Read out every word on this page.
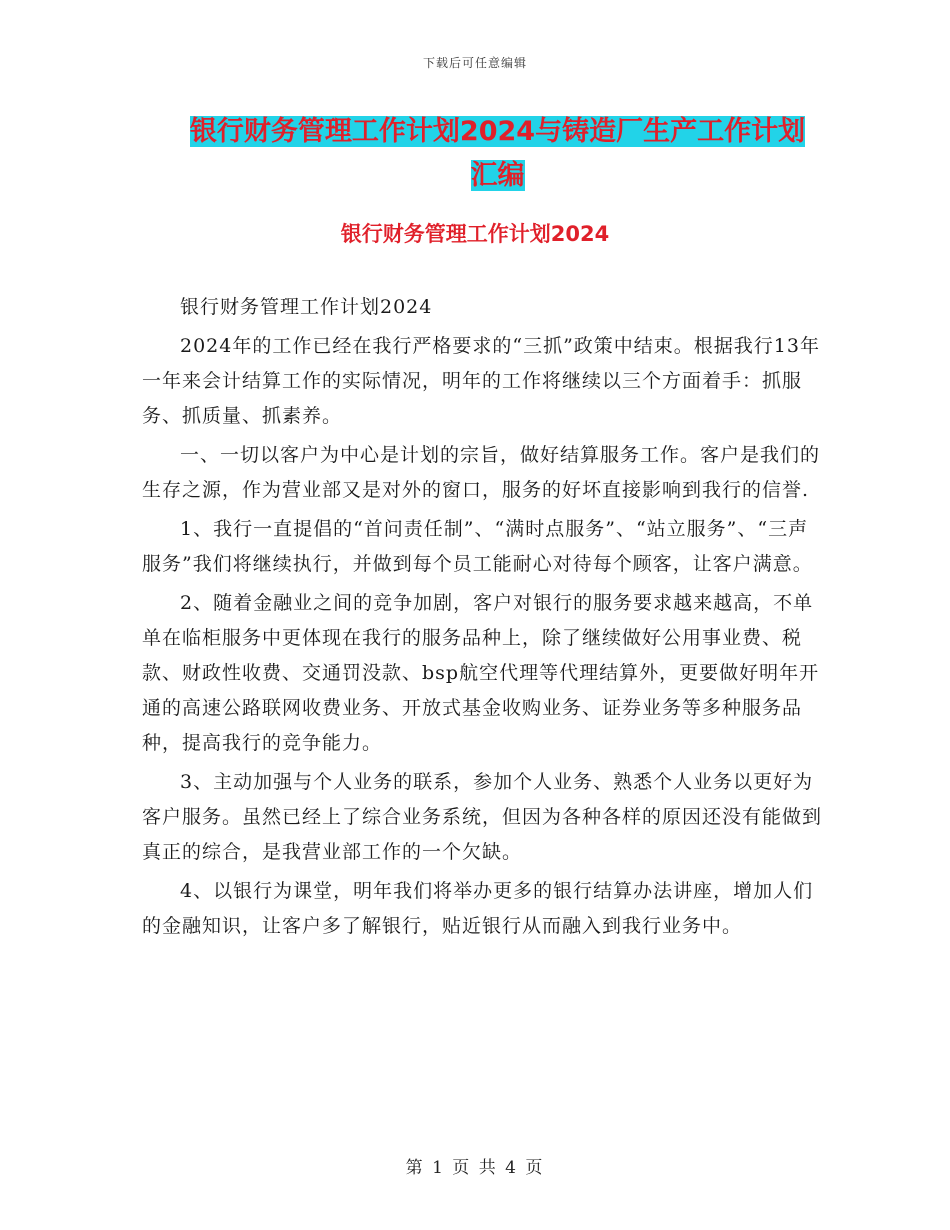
下载后可任意编辑
银行财务管理工作计划2024与铸造厂生产工作计划汇编
银行财务管理工作计划2024

银行财务管理工作计划2024

2024年的工作已经在我行严格要求的“三抓”政策中结束。根据我行13年一年来会计结算工作的实际情况，明年的工作将继续以三个方面着手：抓服务、抓质量、抓素养。

一、一切以客户为中心是计划的宗旨，做好结算服务工作。客户是我们的生存之源，作为营业部又是对外的窗口，服务的好坏直接影响到我行的信誉.

1、我行一直提倡的“首问责任制”、“满时点服务”、“站立服务”、“三声服务”我们将继续执行，并做到每个员工能耐心对待每个顾客，让客户满意。

2、随着金融业之间的竞争加剧，客户对银行的服务要求越来越高，不单单在临柜服务中更体现在我行的服务品种上，除了继续做好公用事业费、税款、财政性收费、交通罚没款、bsp航空代理等代理结算外，更要做好明年开通的高速公路联网收费业务、开放式基金收购业务、证券业务等多种服务品种，提高我行的竞争能力。

3、主动加强与个人业务的联系，参加个人业务、熟悉个人业务以更好为客户服务。虽然已经上了综合业务系统，但因为各种各样的原因还没有能做到真正的综合，是我营业部工作的一个欠缺。

4、以银行为课堂，明年我们将举办更多的银行结算办法讲座，增加人们的金融知识，让客户多了解银行，贴近银行从而融入到我行业务中。

第 1 页 共 4 页
